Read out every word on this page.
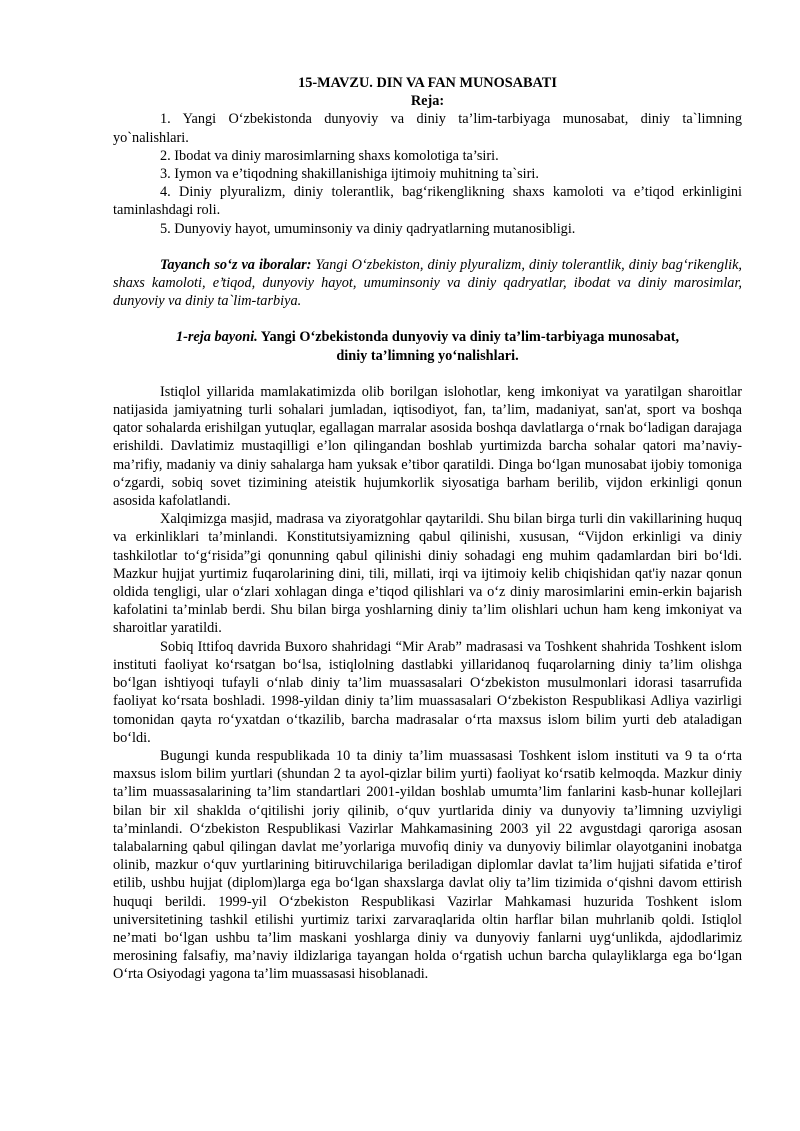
15-MAVZU. DIN VA FAN MUNOSABATI
Reja:
1. Yangi O‘zbekistonda dunyoviy va diniy ta’lim-tarbiyaga munosabat, diniy ta`limning yo`nalishlari.
2. Ibodat va diniy marosimlarning shaxs komolotiga ta’siri.
3. Iymon va e’tiqodning shakillanishiga ijtimoiy muhitning ta`siri.
4. Diniy plyuralizm, diniy tolerantlik, bag‘rikenglikning shaxs kamoloti va e’tiqod erkinligini taminlashdagi roli.
5. Dunyoviy hayot, umuminsoniy va diniy qadryatlarning mutanosibligi.
Tayanch so‘z va iboralar: Yangi O‘zbekiston, diniy plyuralizm, diniy tolerantlik, diniy bag‘rikenglik, shaxs kamoloti, e’tiqod, dunyoviy hayot, umuminsoniy va diniy qadryatlar, ibodat va diniy marosimlar, dunyoviy va diniy ta`lim-tarbiya.
1-reja bayoni. Yangi O‘zbekistonda dunyoviy va diniy ta’lim-tarbiyaga munosabat,
diniy ta’limning yo‘nalishlari.
Istiqlol yillarida mamlakatimizda olib borilgan islohotlar, keng imkoniyat va yaratilgan sharoitlar natijasida jamiyatning turli sohalari jumladan, iqtisodiyot, fan, ta’lim, madaniyat, san'at, sport va boshqa qator sohalarda erishilgan yutuqlar, egallagan marralar asosida boshqa davlatlarga o‘rnak bo‘ladigan darajaga erishildi. Davlatimiz mustaqilligi e’lon qilingandan boshlab yurtimizda barcha sohalar qatori ma’naviy-ma’rifiy, madaniy va diniy sahalarga ham yuksak e’tibor qaratildi. Dinga bo‘lgan munosabat ijobiy tomoniga o‘zgardi, sobiq sovet tizimining ateistik hujumkorlik siyosatiga barham berilib, vijdon erkinligi qonun asosida kafolatlandi.
Xalqimizga masjid, madrasa va ziyoratgohlar qaytarildi. Shu bilan birga turli din vakillarining huquq va erkinliklari ta’minlandi. Konstitutsiyamizning qabul qilinishi, xususan, “Vijdon erkinligi va diniy tashkilotlar to‘g‘risida”gi qonunning qabul qilinishi diniy sohadagi eng muhim qadamlardan biri bo‘ldi. Mazkur hujjat yurtimiz fuqarolarining dini, tili, millati, irqi va ijtimoiy kelib chiqishidan qat'iy nazar qonun oldida tengligi, ular o‘zlari xohlagan dinga e’tiqod qilishlari va o‘z diniy marosimlarini emin-erkin bajarish kafolatini ta’minlab berdi. Shu bilan birga yoshlarning diniy ta’lim olishlari uchun ham keng imkoniyat va sharoitlar yaratildi.
Sobiq Ittifoq davrida Buxoro shahridagi “Mir Arab” madrasasi va Toshkent shahrida Toshkent islom instituti faoliyat ko‘rsatgan bo‘lsa, istiqlolning dastlabki yillaridanoq fuqarolarning diniy ta’lim olishga bo‘lgan ishtiyoqi tufayli o‘nlab diniy ta’lim muassasalari O‘zbekiston musulmonlari idorasi tasarrufida faoliyat ko‘rsata boshladi. 1998-yildan diniy ta’lim muassasalari O‘zbekiston Respublikasi Adliya vazirligi tomonidan qayta ro‘yxatdan o‘tkazilib, barcha madrasalar o‘rta maxsus islom bilim yurti deb ataladigan bo‘ldi.
Bugungi kunda respublikada 10 ta diniy ta’lim muassasasi Toshkent islom instituti va 9 ta o‘rta maxsus islom bilim yurtlari (shundan 2 ta ayol-qizlar bilim yurti) faoliyat ko‘rsatib kelmoqda. Mazkur diniy ta’lim muassasalarining ta’lim standartlari 2001-yildan boshlab umumta’lim fanlarini kasb-hunar kollejlari bilan bir xil shaklda o‘qitilishi joriy qilinib, o‘quv yurtlarida diniy va dunyoviy ta’limning uzviyligi ta’minlandi. O‘zbekiston Respublikasi Vazirlar Mahkamasining 2003 yil 22 avgustdagi qaroriga asosan talabalarning qabul qilingan davlat me’yorlariga muvofiq diniy va dunyoviy bilimlar olayotganini inobatga olinib, mazkur o‘quv yurtlarining bitiruvchilariga beriladigan diplomlar davlat ta’lim hujjati sifatida e’tirof etilib, ushbu hujjat (diplom)larga ega bo‘lgan shaxslarga davlat oliy ta’lim tizimida o‘qishni davom ettirish huquqi berildi. 1999-yil O‘zbekiston Respublikasi Vazirlar Mahkamasi huzurida Toshkent islom universitetining tashkil etilishi yurtimiz tarixi zarvaraqlarida oltin harflar bilan muhrlanib qoldi. Istiqlol ne’mati bo‘lgan ushbu ta’lim maskani yoshlarga diniy va dunyoviy fanlarni uyg‘unlikda, ajdodlarimiz merosining falsafiy, ma’naviy ildizlariga tayangan holda o‘rgatish uchun barcha qulayliklarga ega bo‘lgan O‘rta Osiyodagi yagona ta’lim muassasasi hisoblanadi.
